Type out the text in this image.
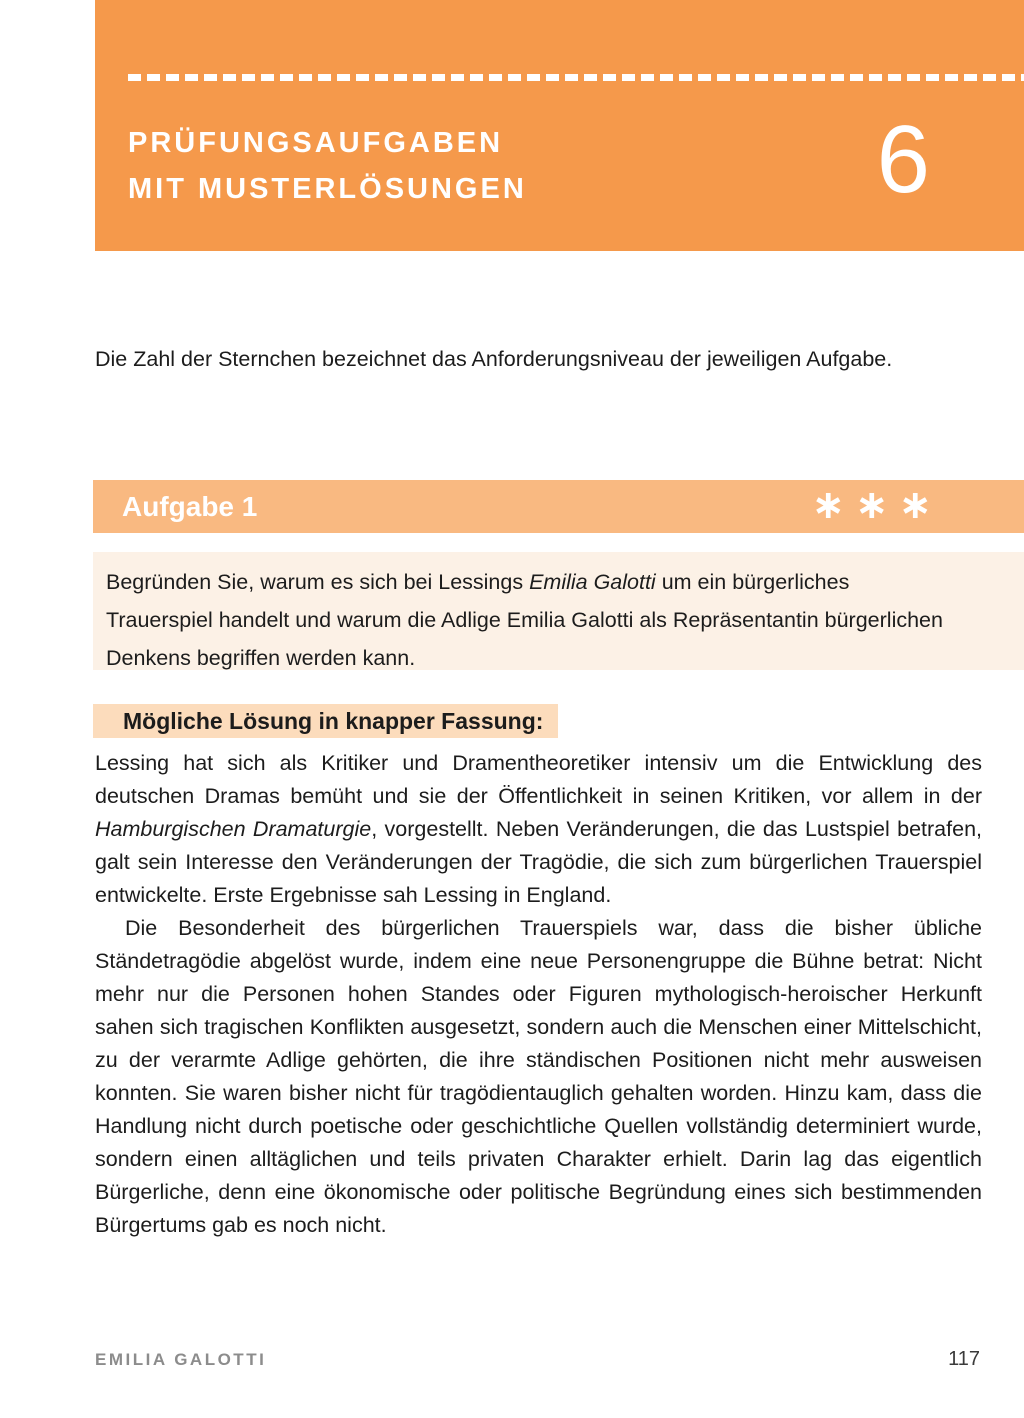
PRÜFUNGSAUFGABEN
MIT MUSTERLÖSUNGEN	6
Die Zahl der Sternchen bezeichnet das Anforderungsniveau der jeweiligen Aufgabe.
Aufgabe 1	∗∗∗

Begründen Sie, warum es sich bei Lessings Emilia Galotti um ein bürgerliches Trauerspiel handelt und warum die Adlige Emilia Galotti als Repräsentantin bürgerlichen Denkens begriffen werden kann.

Mögliche Lösung in knapper Fassung:

Lessing hat sich als Kritiker und Dramentheoretiker intensiv um die Entwicklung des deutschen Dramas bemüht und sie der Öffentlichkeit in seinen Kritiken, vor allem in der Hamburgischen Dramaturgie, vorgestellt. Neben Veränderungen, die das Lustspiel betrafen, galt sein Interesse den Veränderungen der Tragödie, die sich zum bürgerlichen Trauerspiel entwickelte. Erste Ergebnisse sah Lessing in England.

Die Besonderheit des bürgerlichen Trauerspiels war, dass die bisher übliche Ständetragödie abgelöst wurde, indem eine neue Personengruppe die Bühne betrat: Nicht mehr nur die Personen hohen Standes oder Figuren mythologisch-heroischer Herkunft sahen sich tragischen Konflikten ausgesetzt, sondern auch die Menschen einer Mittelschicht, zu der verarmte Adlige gehörten, die ihre ständischen Positionen nicht mehr ausweisen konnten. Sie waren bisher nicht für tragödientauglich gehalten worden. Hinzu kam, dass die Handlung nicht durch poetische oder geschichtliche Quellen vollständig determiniert wurde, sondern einen alltäglichen und teils privaten Charakter erhielt. Darin lag das eigentlich Bürgerliche, denn eine ökonomische oder politische Begründung eines sich bestimmenden Bürgertums gab es noch nicht.

EMILIA GALOTTI	117
